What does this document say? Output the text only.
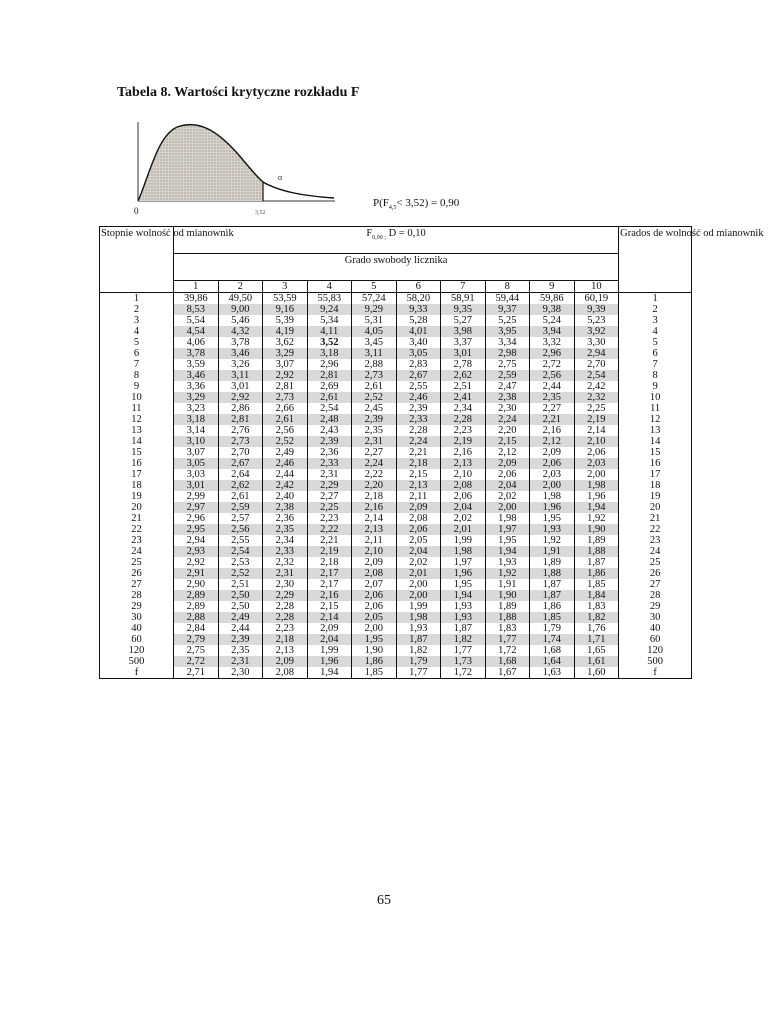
Tabela 8. Wartości krytyczne rozkładu F
α
0	3,52
$P(F_{4,5}< 3,52) = 0,90$
Stopnie wolność od mianownik	$F_{0,90 ;}$ D = 0,10										Grados de wolność od mianownik
	Grado swobody licznika										
	1	2	3	4	5	6	7	8	9	10	
1	39,86	49,50	53,59	55,83	57,24	58,20	58,91	59,44	59,86	60,19	1
2	8,53	9,00	9,16	9,24	9,29	9,33	9,35	9,37	9,38	9,39	2
3	5,54	5,46	5,39	5,34	5,31	5,28	5,27	5,25	5,24	5,23	3
4	4,54	4,32	4,19	4,11	4,05	4,01	3,98	3,95	3,94	3,92	4
5	4,06	3,78	3,62	3,52	3,45	3,40	3,37	3,34	3,32	3,30	5
6	3,78	3,46	3,29	3,18	3,11	3,05	3,01	2,98	2,96	2,94	6
7	3,59	3,26	3,07	2,96	2,88	2,83	2,78	2,75	2,72	2,70	7
8	3,46	3,11	2,92	2,81	2,73	2,67	2,62	2,59	2,56	2,54	8
9	3,36	3,01	2,81	2,69	2,61	2,55	2,51	2,47	2,44	2,42	9
10	3,29	2,92	2,73	2,61	2,52	2,46	2,41	2,38	2,35	2,32	10
11	3,23	2,86	2,66	2,54	2,45	2,39	2,34	2,30	2,27	2,25	11
12	3,18	2,81	2,61	2,48	2,39	2,33	2,28	2,24	2,21	2,19	12
13	3,14	2,76	2,56	2,43	2,35	2,28	2,23	2,20	2,16	2,14	13
14	3,10	2,73	2,52	2,39	2,31	2,24	2,19	2,15	2,12	2,10	14
15	3,07	2,70	2,49	2,36	2,27	2,21	2,16	2,12	2,09	2,06	15
16	3,05	2,67	2,46	2,33	2,24	2,18	2,13	2,09	2,06	2,03	16
17	3,03	2,64	2,44	2,31	2,22	2,15	2,10	2,06	2,03	2,00	17
18	3,01	2,62	2,42	2,29	2,20	2,13	2,08	2,04	2,00	1,98	18
19	2,99	2,61	2,40	2,27	2,18	2,11	2,06	2,02	1,98	1,96	19
20	2,97	2,59	2,38	2,25	2,16	2,09	2,04	2,00	1,96	1,94	20
21	2,96	2,57	2,36	2,23	2,14	2,08	2,02	1,98	1,95	1,92	21
22	2,95	2,56	2,35	2,22	2,13	2,06	2,01	1,97	1,93	1,90	22
23	2,94	2,55	2,34	2,21	2,11	2,05	1,99	1,95	1,92	1,89	23
24	2,93	2,54	2,33	2,19	2,10	2,04	1,98	1,94	1,91	1,88	24
25	2,92	2,53	2,32	2,18	2,09	2,02	1,97	1,93	1,89	1,87	25
26	2,91	2,52	2,31	2,17	2,08	2,01	1,96	1,92	1,88	1,86	26
27	2,90	2,51	2,30	2,17	2,07	2,00	1,95	1,91	1,87	1,85	27
28	2,89	2,50	2,29	2,16	2,06	2,00	1,94	1,90	1,87	1,84	28
29	2,89	2,50	2,28	2,15	2,06	1,99	1,93	1,89	1,86	1,83	29
30	2,88	2,49	2,28	2,14	2,05	1,98	1,93	1,88	1,85	1,82	30
40	2,84	2,44	2,23	2,09	2,00	1,93	1,87	1,83	1,79	1,76	40
60	2,79	2,39	2,18	2,04	1,95	1,87	1,82	1,77	1,74	1,71	60
120	2,75	2,35	2,13	1,99	1,90	1,82	1,77	1,72	1,68	1,65	120
500	2,72	2,31	2,09	1,96	1,86	1,79	1,73	1,68	1,64	1,61	500
f	2,71	2,30	2,08	1,94	1,85	1,77	1,72	1,67	1,63	1,60	f
65
